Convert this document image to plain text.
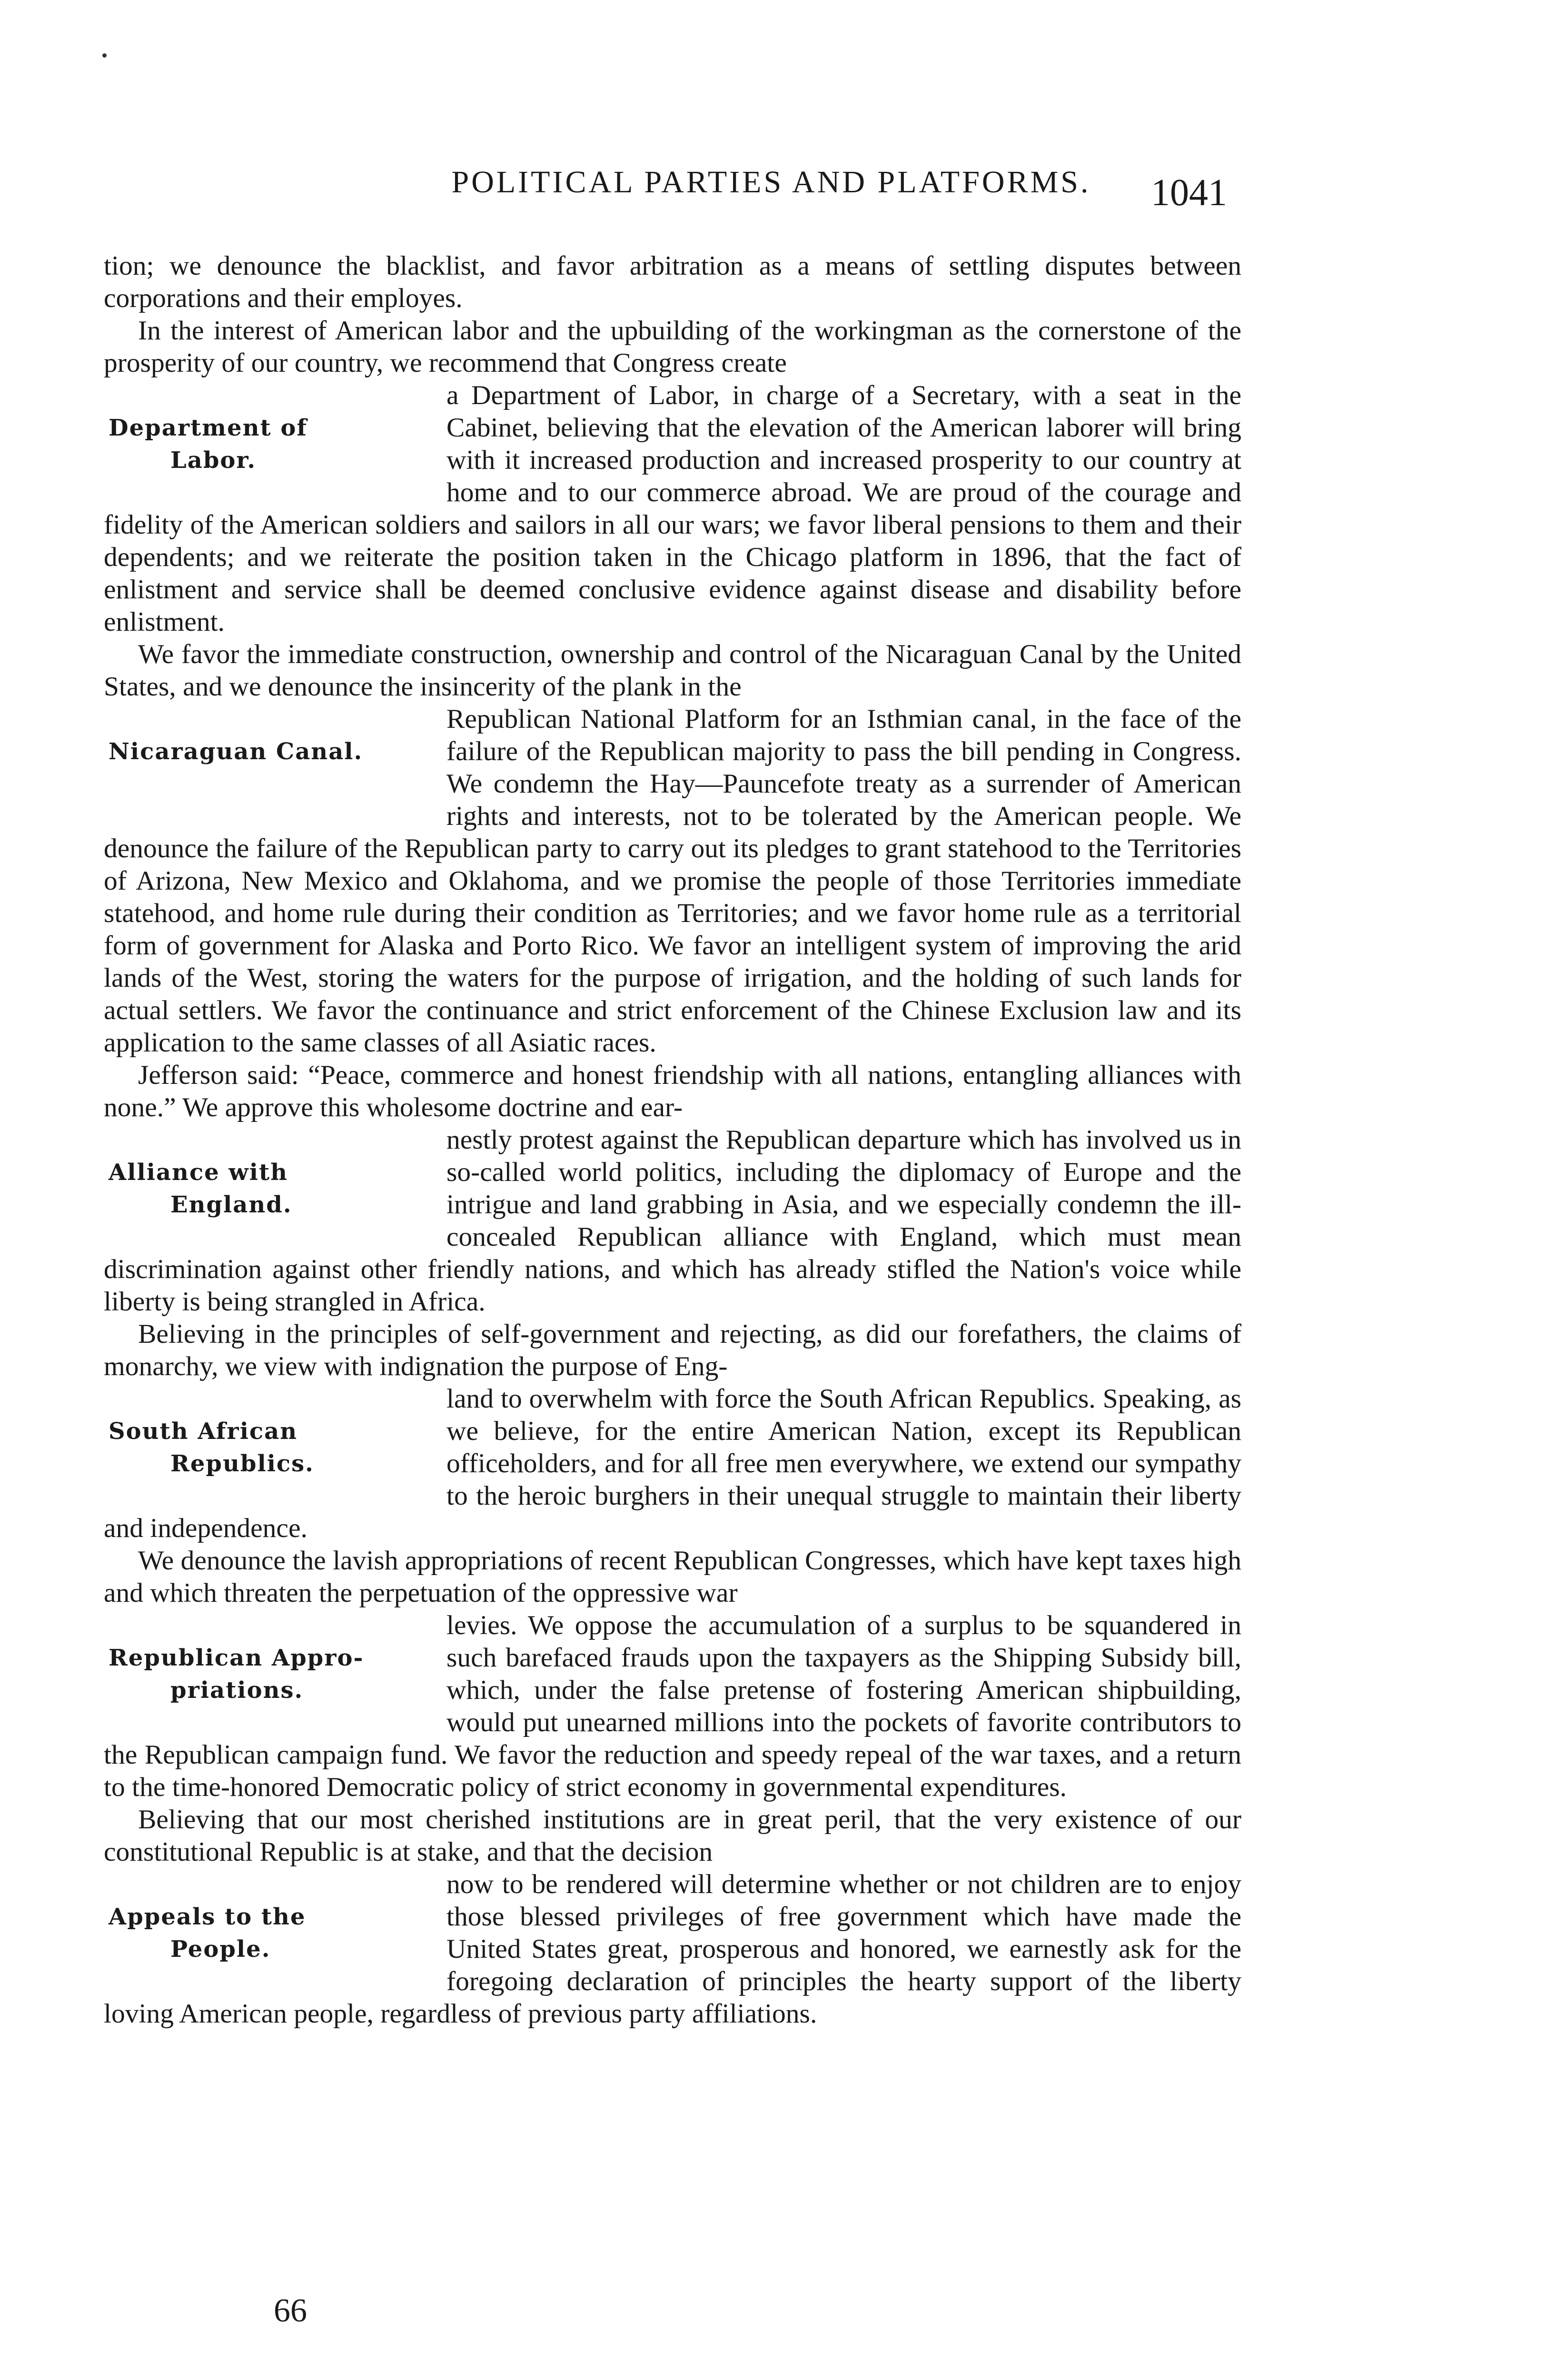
POLITICAL PARTIES AND PLATFORMS.	1041

tion; we denounce the blacklist, and favor arbitration as a means of settling disputes between corporations and their employes.

In the interest of American labor and the upbuilding of the workingman as the cornerstone of the prosperity of our country, we recommend that Congress create

Department of
Labor.

a Department of Labor, in charge of a Secretary, with a seat in the Cabinet, believing that the elevation of the American laborer will bring with it increased production and increased prosperity to our country at home and to our commerce abroad. We are proud of the courage and fidelity of the American soldiers and sailors in all our wars; we favor liberal pensions to them and their dependents; and we reiterate the position taken in the Chicago platform in 1896, that the fact of enlistment and service shall be deemed conclusive evidence against disease and disability before enlistment.

We favor the immediate construction, ownership and control of the Nicaraguan Canal by the United States, and we denounce the insincerity of the plank in the

Nicaraguan Canal.

Republican National Platform for an Isthmian canal, in the face of the failure of the Republican majority to pass the bill pending in Congress. We condemn the Hay—Pauncefote treaty as a surrender of American rights and interests, not to be tolerated by the American people. We denounce the failure of the Republican party to carry out its pledges to grant statehood to the Territories of Arizona, New Mexico and Oklahoma, and we promise the people of those Territories immediate statehood, and home rule during their condition as Territories; and we favor home rule as a territorial form of government for Alaska and Porto Rico. We favor an intelligent system of improving the arid lands of the West, storing the waters for the purpose of irrigation, and the holding of such lands for actual settlers. We favor the continuance and strict enforcement of the Chinese Exclusion law and its application to the same classes of all Asiatic races.

Jefferson said: “Peace, commerce and honest friendship with all nations, entangling alliances with none.” We approve this wholesome doctrine and ear-

Alliance with
England.

nestly protest against the Republican departure which has involved us in so-called world politics, including the diplomacy of Europe and the intrigue and land grabbing in Asia, and we especially condemn the ill-concealed Republican alliance with England, which must mean discrimination against other friendly nations, and which has already stifled the Nation's voice while liberty is being strangled in Africa.

Believing in the principles of self-government and rejecting, as did our forefathers, the claims of monarchy, we view with indignation the purpose of Eng-

South African
Republics.

land to overwhelm with force the South African Republics. Speaking, as we believe, for the entire American Nation, except its Republican officeholders, and for all free men everywhere, we extend our sympathy to the heroic burghers in their unequal struggle to maintain their liberty and independence.

We denounce the lavish appropriations of recent Republican Congresses, which have kept taxes high and which threaten the perpetuation of the oppressive war

Republican Appro-
priations.

levies. We oppose the accumulation of a surplus to be squandered in such barefaced frauds upon the taxpayers as the Shipping Subsidy bill, which, under the false pretense of fostering American shipbuilding, would put unearned millions into the pockets of favorite contributors to the Republican campaign fund. We favor the reduction and speedy repeal of the war taxes, and a return to the time-honored Democratic policy of strict economy in governmental expenditures.

Believing that our most cherished institutions are in great peril, that the very existence of our constitutional Republic is at stake, and that the decision

Appeals to the
People.

now to be rendered will determine whether or not children are to enjoy those blessed privileges of free government which have made the United States great, prosperous and honored, we earnestly ask for the foregoing declaration of principles the hearty support of the liberty loving American people, regardless of previous party affiliations.

66
